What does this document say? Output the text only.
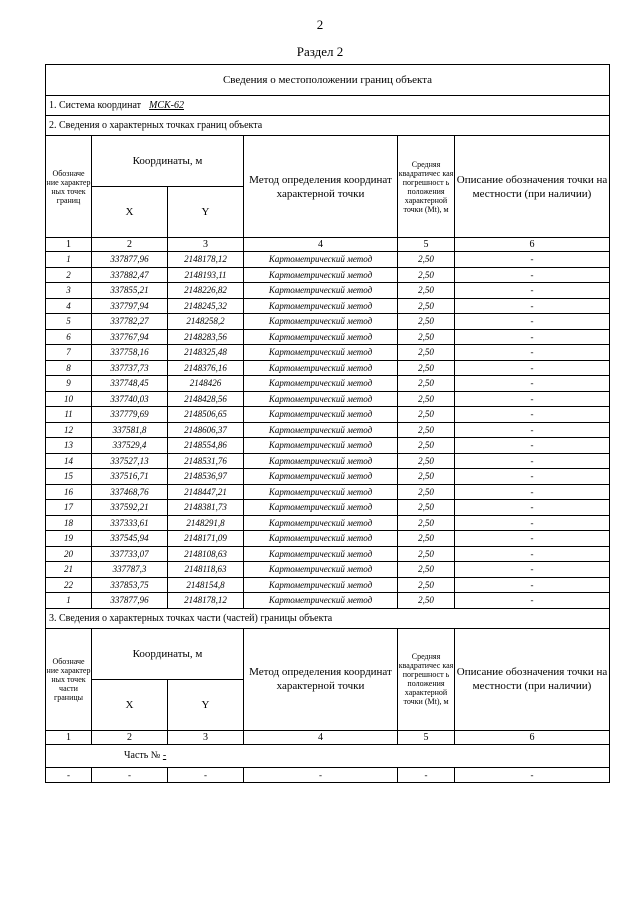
2
Раздел 2
Сведения о местоположении границ объекта					
1. Система координат МСК-62					
2. Сведения о характерных точках границ объекта					
Обозначе ние характер ных точек границ	Координаты, м		Метод определения координат характерной точки	Средняя квадратичес кая погрешност ь положения характерной точки (Mt), м	Описание обозначения точки на местности (при наличии)
	X	Y			
1	2	3	4	5	6
1	337877,96	2148178,12	Картометрический метод	2,50	-
2	337882,47	2148193,11	Картометрический метод	2,50	-
3	337855,21	2148226,82	Картометрический метод	2,50	-
4	337797,94	2148245,32	Картометрический метод	2,50	-
5	337782,27	2148258,2	Картометрический метод	2,50	-
6	337767,94	2148283,56	Картометрический метод	2,50	-
7	337758,16	2148325,48	Картометрический метод	2,50	-
8	337737,73	2148376,16	Картометрический метод	2,50	-
9	337748,45	2148426	Картометрический метод	2,50	-
10	337740,03	2148428,56	Картометрический метод	2,50	-
11	337779,69	2148506,65	Картометрический метод	2,50	-
12	337581,8	2148606,37	Картометрический метод	2,50	-
13	337529,4	2148554,86	Картометрический метод	2,50	-
14	337527,13	2148531,76	Картометрический метод	2,50	-
15	337516,71	2148536,97	Картометрический метод	2,50	-
16	337468,76	2148447,21	Картометрический метод	2,50	-
17	337592,21	2148381,73	Картометрический метод	2,50	-
18	337333,61	2148291,8	Картометрический метод	2,50	-
19	337545,94	2148171,09	Картометрический метод	2,50	-
20	337733,07	2148108,63	Картометрический метод	2,50	-
21	337787,3	2148118,63	Картометрический метод	2,50	-
22	337853,75	2148154,8	Картометрический метод	2,50	-
1	337877,96	2148178,12	Картометрический метод	2,50	-
3. Сведения о характерных точках части (частей) границы объекта					
Обозначе ние характер ных точек части границы	Координаты, м		Метод определения координат характерной точки	Средняя квадратичес кая погрешност ь положения характерной точки (Mt), м	Описание обозначения точки на местности (при наличии)
	X	Y			
1	2	3	4	5	6
Часть № -					
-	-	-	-	-	-
